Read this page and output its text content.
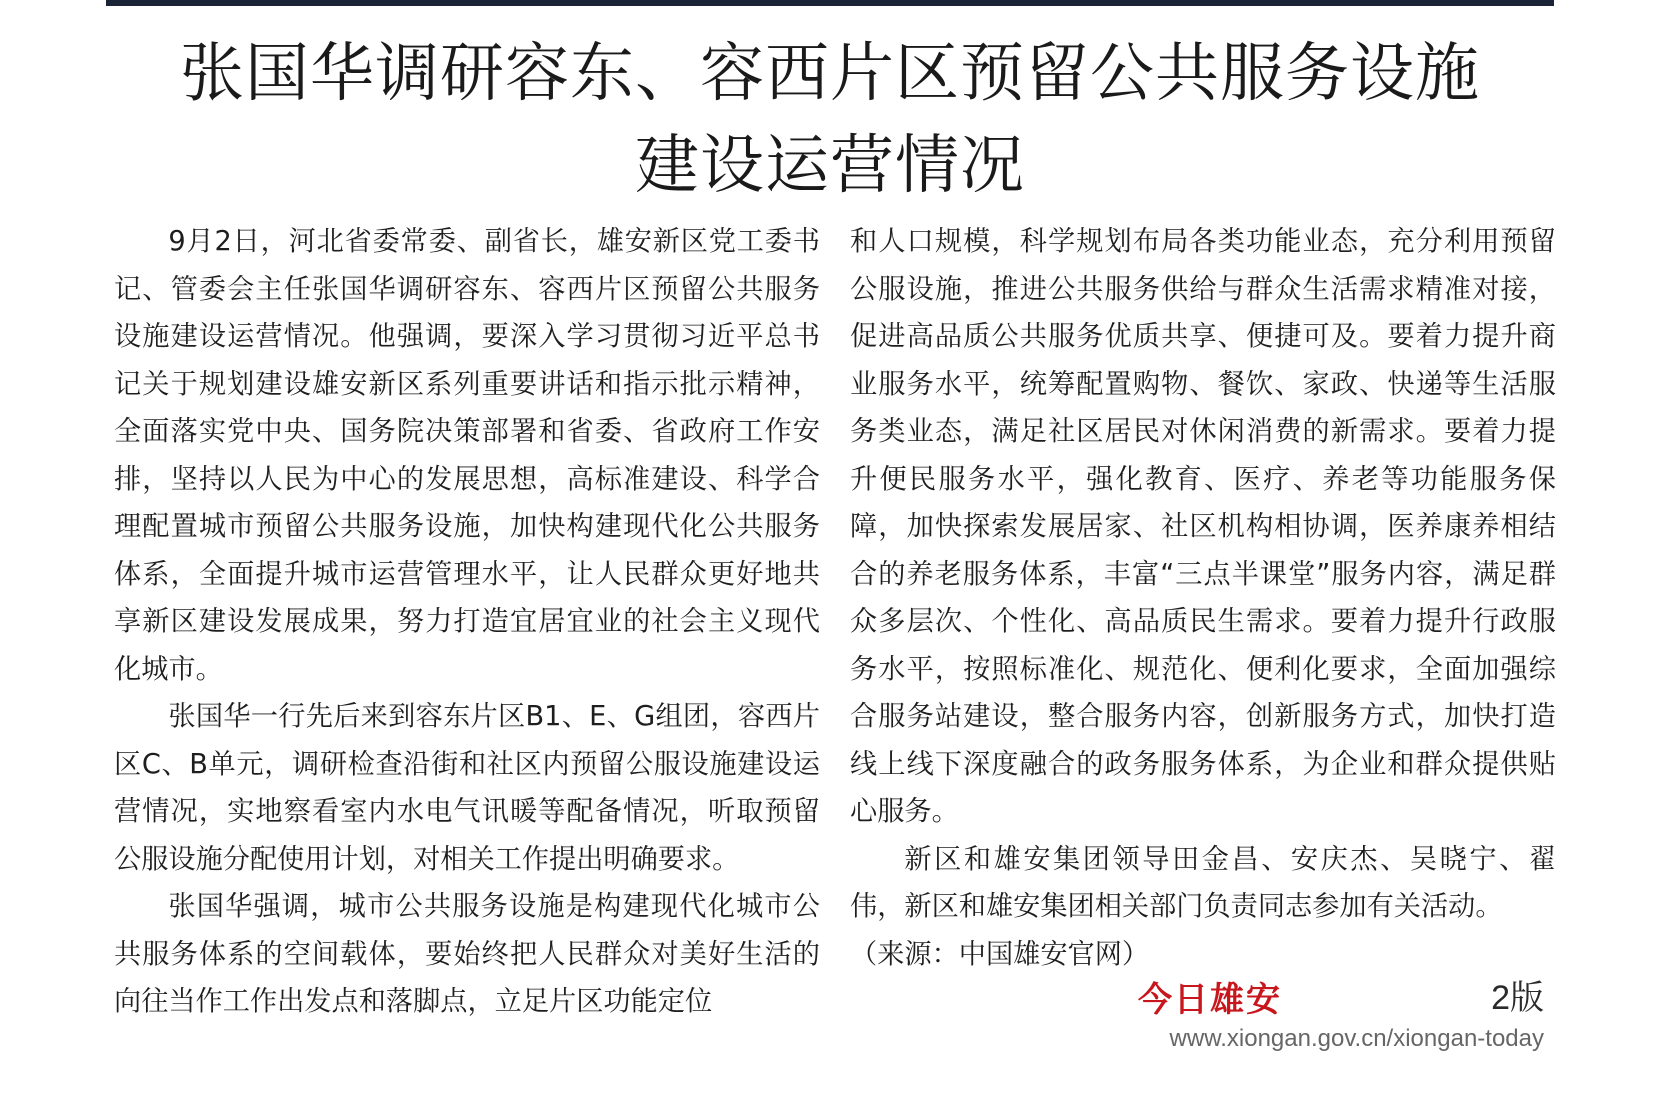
张国华调研容东、容西片区预留公共服务设施
建设运营情况

9月2日，河北省委常委、副省长，雄安新区党工委书记、管委会主任张国华调研容东、容西片区预留公共服务设施建设运营情况。他强调，要深入学习贯彻习近平总书记关于规划建设雄安新区系列重要讲话和指示批示精神，全面落实党中央、国务院决策部署和省委、省政府工作安排，坚持以人民为中心的发展思想，高标准建设、科学合理配置城市预留公共服务设施，加快构建现代化公共服务体系，全面提升城市运营管理水平，让人民群众更好地共享新区建设发展成果，努力打造宜居宜业的社会主义现代化城市。

张国华一行先后来到容东片区B1、E、G组团，容西片区C、B单元，调研检查沿街和社区内预留公服设施建设运营情况，实地察看室内水电气讯暖等配备情况，听取预留公服设施分配使用计划，对相关工作提出明确要求。

张国华强调，城市公共服务设施是构建现代化城市公共服务体系的空间载体，要始终把人民群众对美好生活的向往当作工作出发点和落脚点，立足片区功能定位

和人口规模，科学规划布局各类功能业态，充分利用预留公服设施，推进公共服务供给与群众生活需求精准对接，促进高品质公共服务优质共享、便捷可及。要着力提升商业服务水平，统筹配置购物、餐饮、家政、快递等生活服务类业态，满足社区居民对休闲消费的新需求。要着力提升便民服务水平，强化教育、医疗、养老等功能服务保障，加快探索发展居家、社区机构相协调，医养康养相结合的养老服务体系，丰富“三点半课堂”服务内容，满足群众多层次、个性化、高品质民生需求。要着力提升行政服务水平，按照标准化、规范化、便利化要求，全面加强综合服务站建设，整合服务内容，创新服务方式，加快打造线上线下深度融合的政务服务体系，为企业和群众提供贴心服务。

新区和雄安集团领导田金昌、安庆杰、吴晓宁、翟伟，新区和雄安集团相关部门负责同志参加有关活动。

（来源：中国雄安官网）

今日雄安	2版
www.xiongan.gov.cn/xiongan-today
